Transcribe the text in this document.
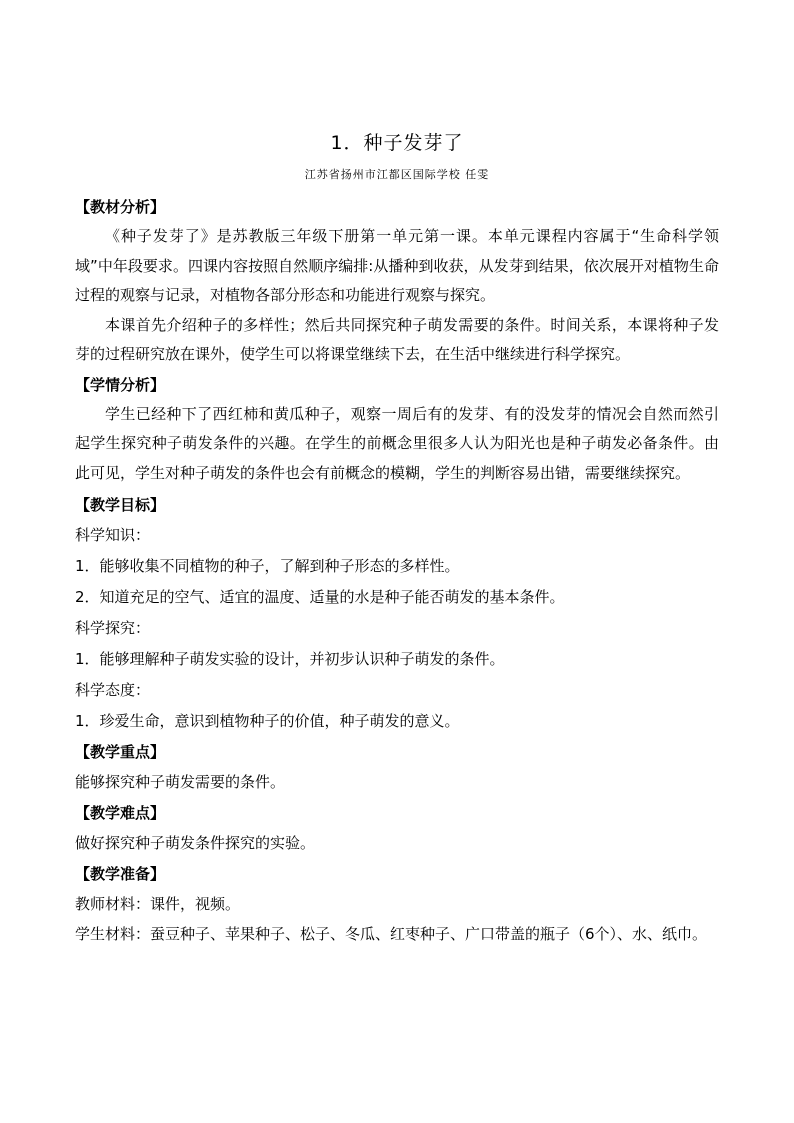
1．种子发芽了
江苏省扬州市江都区国际学校 任雯
【教材分析】

《种子发芽了》是苏教版三年级下册第一单元第一课。本单元课程内容属于“生命科学领域”中年段要求。四课内容按照自然顺序编排:从播种到收获，从发芽到结果，依次展开对植物生命过程的观察与记录，对植物各部分形态和功能进行观察与探究。

本课首先介绍种子的多样性；然后共同探究种子萌发需要的条件。时间关系，本课将种子发芽的过程研究放在课外，使学生可以将课堂继续下去，在生活中继续进行科学探究。

【学情分析】

学生已经种下了西红柿和黄瓜种子，观察一周后有的发芽、有的没发芽的情况会自然而然引起学生探究种子萌发条件的兴趣。在学生的前概念里很多人认为阳光也是种子萌发必备条件。由此可见，学生对种子萌发的条件也会有前概念的模糊，学生的判断容易出错，需要继续探究。

【教学目标】

科学知识：

1．能够收集不同植物的种子，了解到种子形态的多样性。

2．知道充足的空气、适宜的温度、适量的水是种子能否萌发的基本条件。

科学探究：

1．能够理解种子萌发实验的设计，并初步认识种子萌发的条件。

科学态度：

1．珍爱生命，意识到植物种子的价值，种子萌发的意义。

【教学重点】

能够探究种子萌发需要的条件。

【教学难点】

做好探究种子萌发条件探究的实验。

【教学准备】

教师材料：课件，视频。

学生材料：蚕豆种子、苹果种子、松子、冬瓜、红枣种子、广口带盖的瓶子（6个）、水、纸巾。
